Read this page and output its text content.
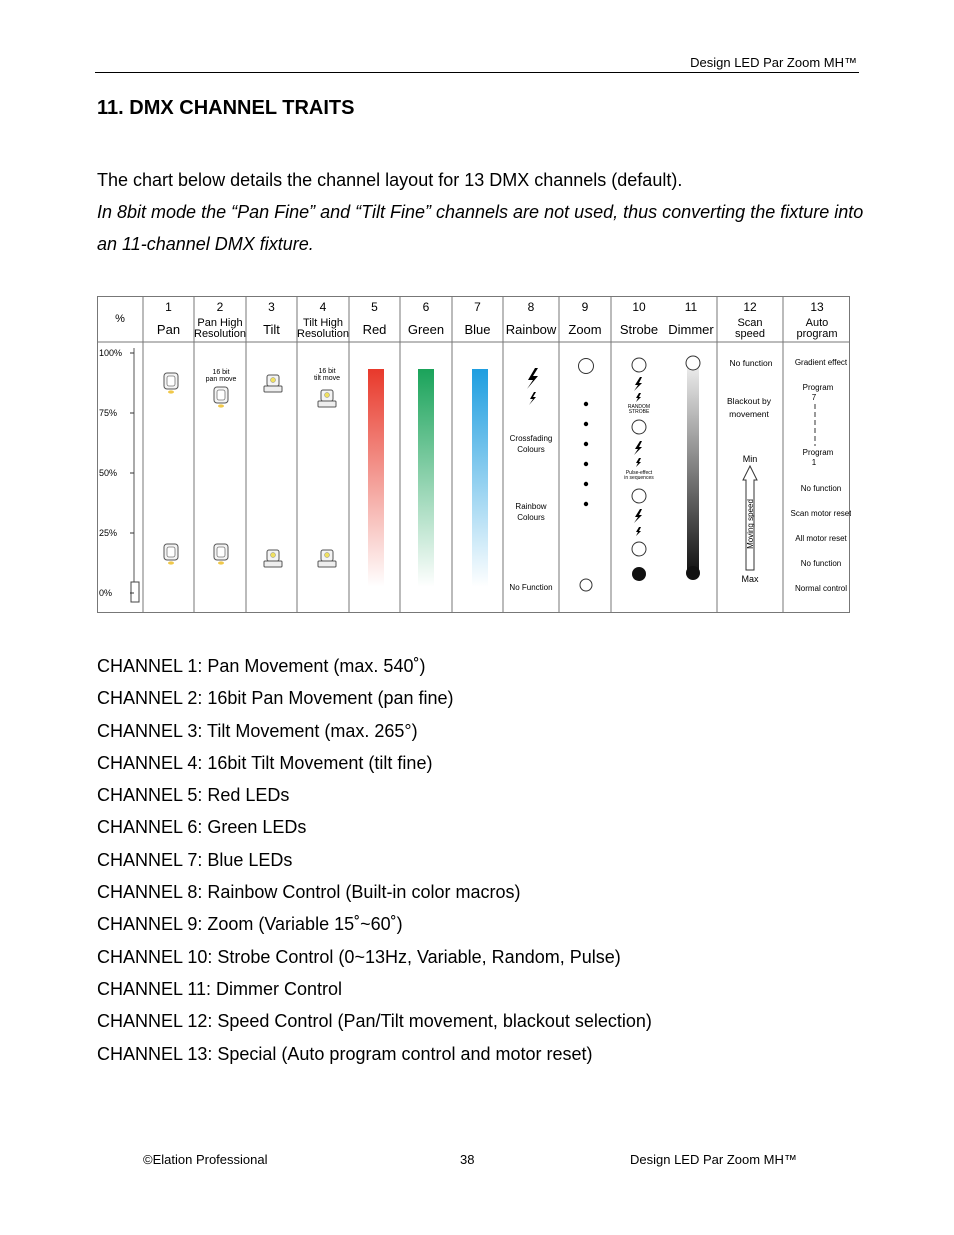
Design LED Par Zoom MH™
11. DMX CHANNEL TRAITS
The chart below details the channel layout for 13 DMX channels (default).
In 8bit mode the “Pan Fine” and “Tilt Fine” channels are not used, thus converting the fixture into an 11-channel DMX fixture.
%
1
Pan
2
Pan High Resolution
3
Tilt
4
Tilt High Resolution
5
Red
6
Green
7
Blue
8
Rainbow
9
Zoom
10
Strobe
11
Dimmer
12
Scan speed
13
Auto program
100%
75%
50%
25%
0%
16 bit pan move
16 bit tilt move
Crossfading Colours
Rainbow Colours
No Function
RANDOM STROBE
Pulse-effect in sequences
No function
Blackout by movement
Min
Moving speed
Max
Gradient effect
Program 7
Program 1
No function
Scan motor reset
All motor reset
No function
Normal control
CHANNEL 1: Pan Movement (max. 540˚)
CHANNEL 2: 16bit Pan Movement (pan fine)
CHANNEL 3: Tilt Movement (max. 265°)
CHANNEL 4: 16bit Tilt Movement (tilt fine)
CHANNEL 5: Red LEDs
CHANNEL 6: Green LEDs
CHANNEL 7: Blue LEDs
CHANNEL 8: Rainbow Control (Built-in color macros)
CHANNEL 9: Zoom (Variable 15˚~60˚)
CHANNEL 10: Strobe Control (0~13Hz, Variable, Random, Pulse)
CHANNEL 11: Dimmer Control
CHANNEL 12: Speed Control (Pan/Tilt movement, blackout selection)
CHANNEL 13: Special (Auto program control and motor reset)
©Elation Professional	38	Design LED Par Zoom MH™
